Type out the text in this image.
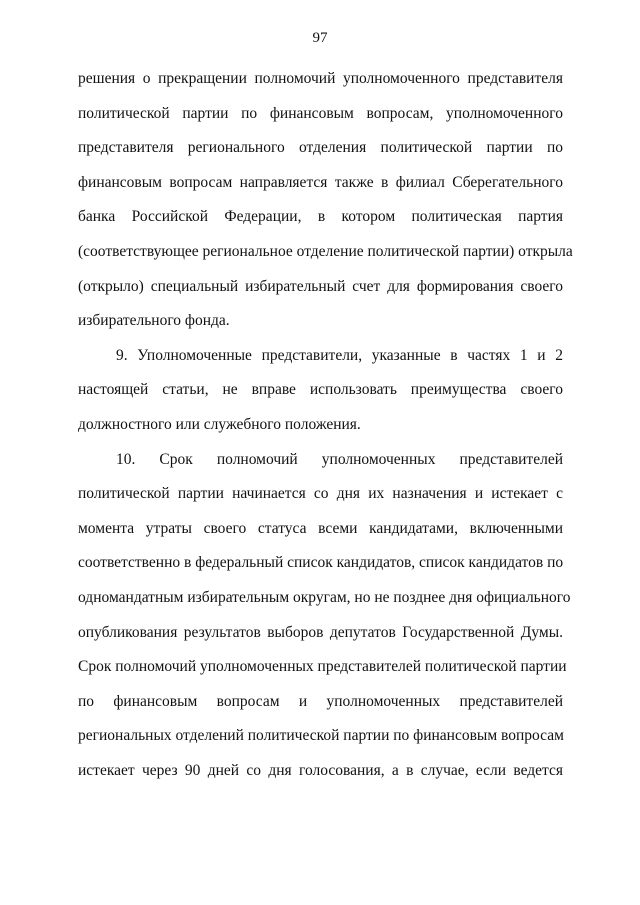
97
решения о прекращении полномочий уполномоченного представителя
политической партии по финансовым вопросам, уполномоченного
представителя регионального отделения политической партии по
финансовым вопросам направляется также в филиал Сберегательного
банка Российской Федерации, в котором политическая партия
(соответствующее региональное отделение политической партии) открыла
(открыло) специальный избирательный счет для формирования своего
избирательного фонда.
9. Уполномоченные представители, указанные в частях 1 и 2
настоящей статьи, не вправе использовать преимущества своего
должностного или служебного положения.
10. Срок полномочий уполномоченных представителей
политической партии начинается со дня их назначения и истекает с
момента утраты своего статуса всеми кандидатами, включенными
соответственно в федеральный список кандидатов, список кандидатов по
одномандатным избирательным округам, но не позднее дня официального
опубликования результатов выборов депутатов Государственной Думы.
Срок полномочий уполномоченных представителей политической партии
по финансовым вопросам и уполномоченных представителей
региональных отделений политической партии по финансовым вопросам
истекает через 90 дней со дня голосования, а в случае, если ведется
